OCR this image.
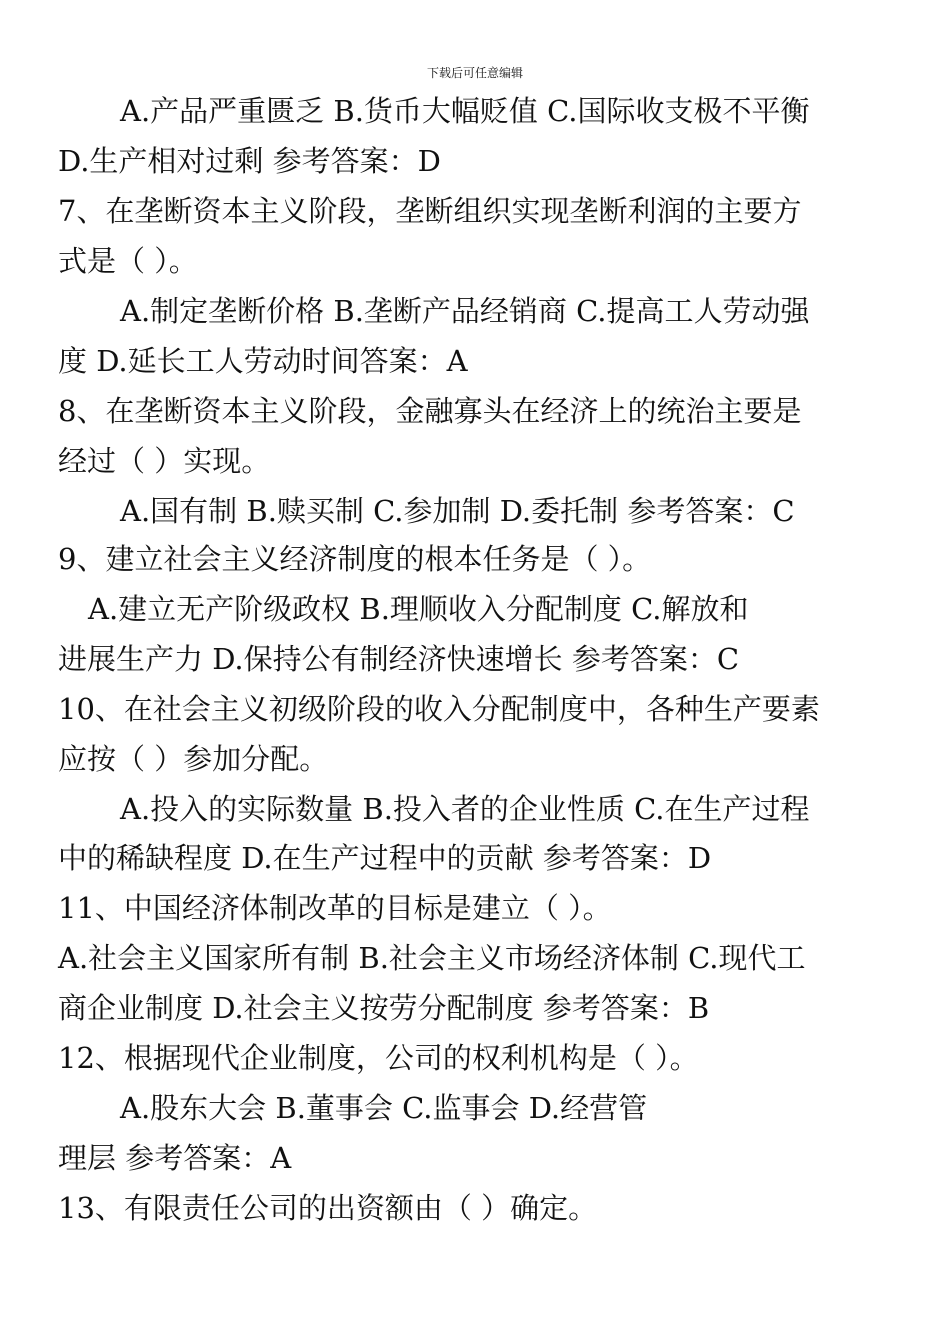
下载后可任意编辑
A.产品严重匮乏 B.货币大幅贬值 C.国际收支极不平衡
D.生产相对过剩 参考答案：D
7、在垄断资本主义阶段，垄断组织实现垄断利润的主要方
式是（ ）。
A.制定垄断价格 B.垄断产品经销商 C.提高工人劳动强
度 D.延长工人劳动时间答案：A
8、在垄断资本主义阶段，金融寡头在经济上的统治主要是
经过（ ）实现。
A.国有制 B.赎买制 C.参加制 D.委托制 参考答案：C
9、建立社会主义经济制度的根本任务是（ ）。
A.建立无产阶级政权 B.理顺收入分配制度 C.解放和
进展生产力 D.保持公有制经济快速增长 参考答案：C
10、在社会主义初级阶段的收入分配制度中，各种生产要素
应按（ ）参加分配。
A.投入的实际数量 B.投入者的企业性质 C.在生产过程
中的稀缺程度 D.在生产过程中的贡献 参考答案：D
11、中国经济体制改革的目标是建立（ ）。
A.社会主义国家所有制 B.社会主义市场经济体制 C.现代工
商企业制度 D.社会主义按劳分配制度 参考答案：B
12、根据现代企业制度，公司的权利机构是（ ）。
A.股东大会 B.董事会 C.监事会 D.经营管
理层 参考答案：A
13、有限责任公司的出资额由（ ）确定。
